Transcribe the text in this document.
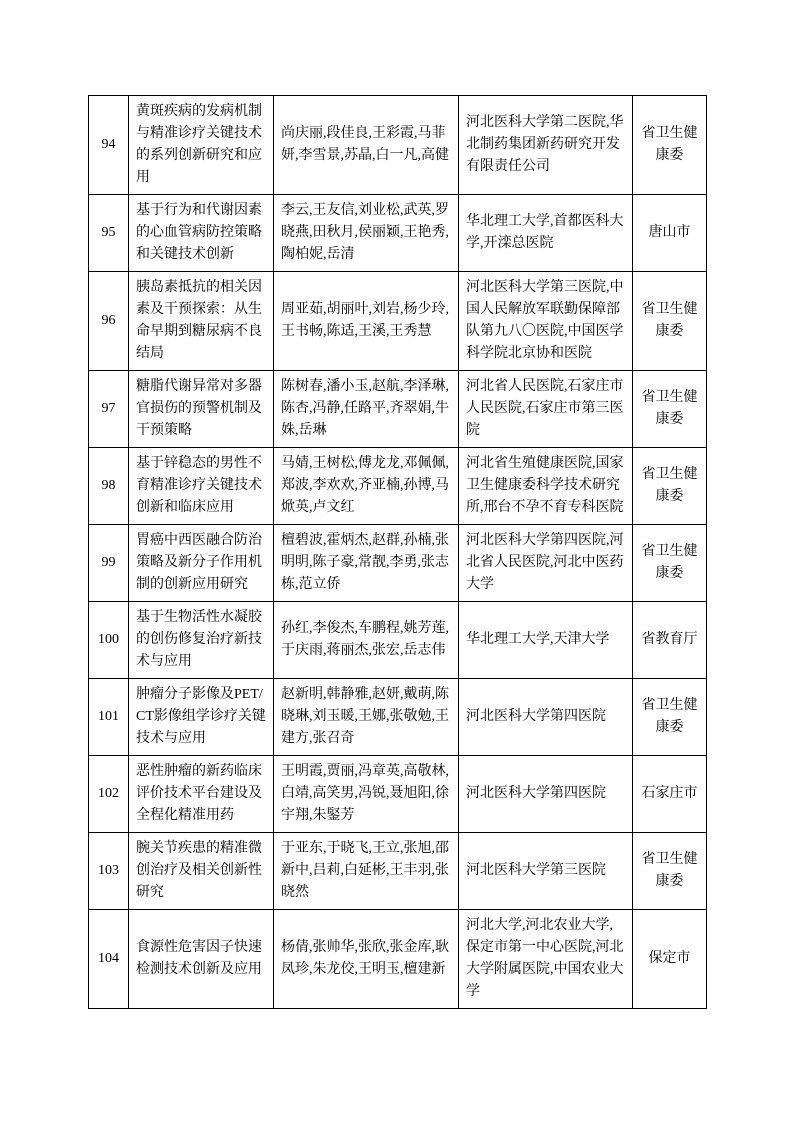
94	黄斑疾病的发病机制与精准诊疗关键技术的系列创新研究和应用	尚庆丽,段佳良,王彩霞,马菲妍,李雪景,苏晶,白一凡,高健	河北医科大学第二医院,华北制药集团新药研究开发有限责任公司	省卫生健康委
95	基于行为和代谢因素的心血管病防控策略和关键技术创新	李云,王友信,刘业松,武英,罗晓燕,田秋月,侯丽颖,王艳秀,陶柏妮,岳清	华北理工大学,首都医科大学,开滦总医院	唐山市
96	胰岛素抵抗的相关因素及干预探索：从生命早期到糖尿病不良结局	周亚茹,胡丽叶,刘岩,杨少玲,王书畅,陈适,王溪,王秀慧	河北医科大学第三医院,中国人民解放军联勤保障部队第九八〇医院,中国医学科学院北京协和医院	省卫生健康委
97	糖脂代谢异常对多器官损伤的预警机制及干预策略	陈树春,潘小玉,赵航,李泽琳,陈杏,冯静,任路平,齐翠娟,牛姝,岳琳	河北省人民医院,石家庄市人民医院,石家庄市第三医院	省卫生健康委
98	基于锌稳态的男性不育精准诊疗关键技术创新和临床应用	马婧,王树松,傅龙龙,邓佩佩,郑波,李欢欢,齐亚楠,孙博,马焮英,卢文红	河北省生殖健康医院,国家卫生健康委科学技术研究所,邢台不孕不育专科医院	省卫生健康委
99	胃癌中西医融合防治策略及新分子作用机制的创新应用研究	檀碧波,霍炳杰,赵群,孙楠,张明明,陈子豪,常靓,李勇,张志栋,范立侨	河北医科大学第四医院,河北省人民医院,河北中医药大学	省卫生健康委
100	基于生物活性水凝胶的创伤修复治疗新技术与应用	孙红,李俊杰,车鹏程,姚芳莲,于庆雨,蒋丽杰,张宏,岳志伟	华北理工大学,天津大学	省教育厅
101	肿瘤分子影像及PET/CT影像组学诊疗关键技术与应用	赵新明,韩静雅,赵妍,戴萌,陈晓琳,刘玉暖,王娜,张敬勉,王建方,张召奇	河北医科大学第四医院	省卫生健康委
102	恶性肿瘤的新药临床评价技术平台建设及全程化精准用药	王明霞,贾丽,冯章英,高敬林,白靖,高笑男,冯锐,聂旭阳,徐宇翔,朱鋻芳	河北医科大学第四医院	石家庄市
103	腕关节疾患的精准微创治疗及相关创新性研究	于亚东,于晓飞,王立,张旭,邵新中,吕莉,白延彬,王丰羽,张晓然	河北医科大学第三医院	省卫生健康委
104	食源性危害因子快速检测技术创新及应用	杨倩,张帅华,张欣,张金库,耿凤珍,朱龙佼,王明玉,檀建新	河北大学,河北农业大学,保定市第一中心医院,河北大学附属医院,中国农业大学	保定市
